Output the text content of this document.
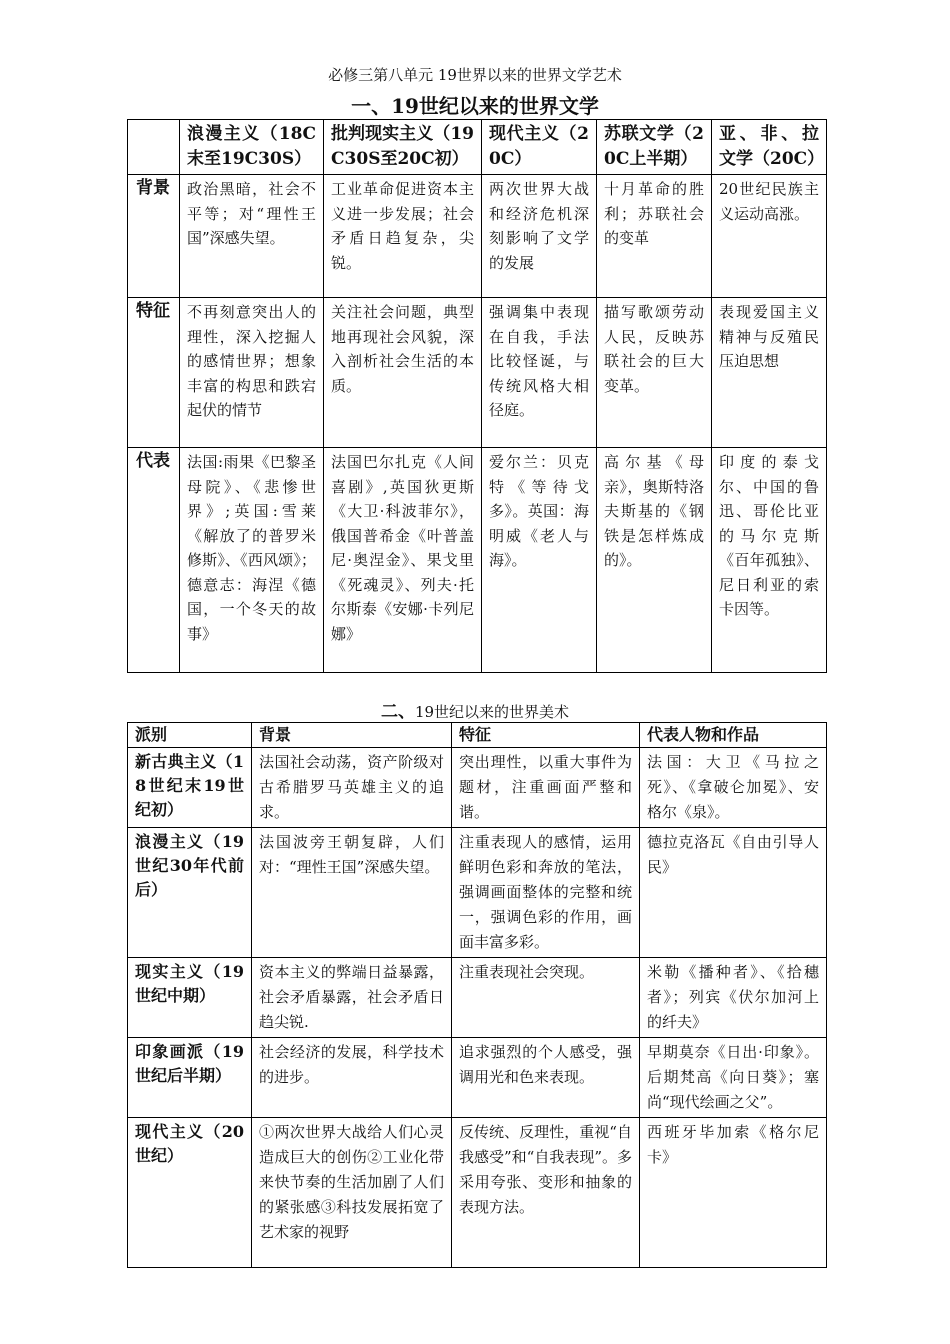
必修三第八单元 19世界以来的世界文学艺术
一、19世纪以来的世界文学
	浪漫主义（18C末至19C30S）	批判现实主义（19C30S至20C初）	现代主义（20C）	苏联文学（20C上半期）	亚、非、拉文学（20C）
背景	政治黑暗，社会不平等；对“理性王国”深感失望。	工业革命促进资本主义进一步发展；社会矛盾日趋复杂，尖锐。	两次世界大战和经济危机深刻影响了文学的发展	十月革命的胜利；苏联社会的变革	20世纪民族主义运动高涨。
特征	不再刻意突出人的理性，深入挖掘人的感情世界；想象丰富的构思和跌宕起伏的情节	关注社会问题，典型地再现社会风貌，深入剖析社会生活的本质。	强调集中表现在自我，手法比较怪诞，与传统风格大相径庭。	描写歌颂劳动人民，反映苏联社会的巨大变革。	表现爱国主义精神与反殖民压迫思想
代表	法国:雨果《巴黎圣母院》、《悲惨世界》;英国:雪莱《解放了的普罗米修斯》、《西风颂》；德意志：海涅《德国，一个冬天的故事》	法国巴尔扎克《人间喜剧》,英国狄更斯《大卫·科波菲尔》，俄国普希金《叶普盖尼·奥涅金》、果戈里《死魂灵》、列夫·托尔斯泰《安娜·卡列尼娜》	爱尔兰：贝克特《等待戈多》。英国：海明威《老人与海》。	高尔基《母亲》，奥斯特洛夫斯基的《钢铁是怎样炼成的》。	印度的泰戈尔、中国的鲁迅、哥伦比亚的马尔克斯《百年孤独》、尼日利亚的索卡因等。
二、19世纪以来的世界美术
派别	背景	特征	代表人物和作品
新古典主义（18世纪末19世纪初）	法国社会动荡，资产阶级对古希腊罗马英雄主义的追求。	突出理性，以重大事件为题材，注重画面严整和谐。	法国：大卫《马拉之死》、《拿破仑加冕》、安格尔《泉》。
浪漫主义（19世纪30年代前后）	法国波旁王朝复辟，人们对：“理性王国”深感失望。	注重表现人的感情，运用鲜明色彩和奔放的笔法，强调画面整体的完整和统一，强调色彩的作用，画面丰富多彩。	德拉克洛瓦《自由引导人民》
现实主义（19世纪中期）	资本主义的弊端日益暴露，社会矛盾暴露，社会矛盾日趋尖锐.	注重表现社会突现。	米勒《播种者》、《拾穗者》；列宾《伏尔加河上的纤夫》
印象画派（19世纪后半期）	社会经济的发展，科学技术的进步。	追求强烈的个人感受，强调用光和色来表现。	早期莫奈《日出·印象》。后期梵高《向日葵》；塞尚“现代绘画之父”。
现代主义（20世纪）	①两次世界大战给人们心灵造成巨大的创伤②工业化带来快节奏的生活加剧了人们的紧张感③科技发展拓宽了艺术家的视野	反传统、反理性，重视“自我感受”和“自我表现”。多采用夸张、变形和抽象的表现方法。	西班牙毕加索《格尔尼卡》
